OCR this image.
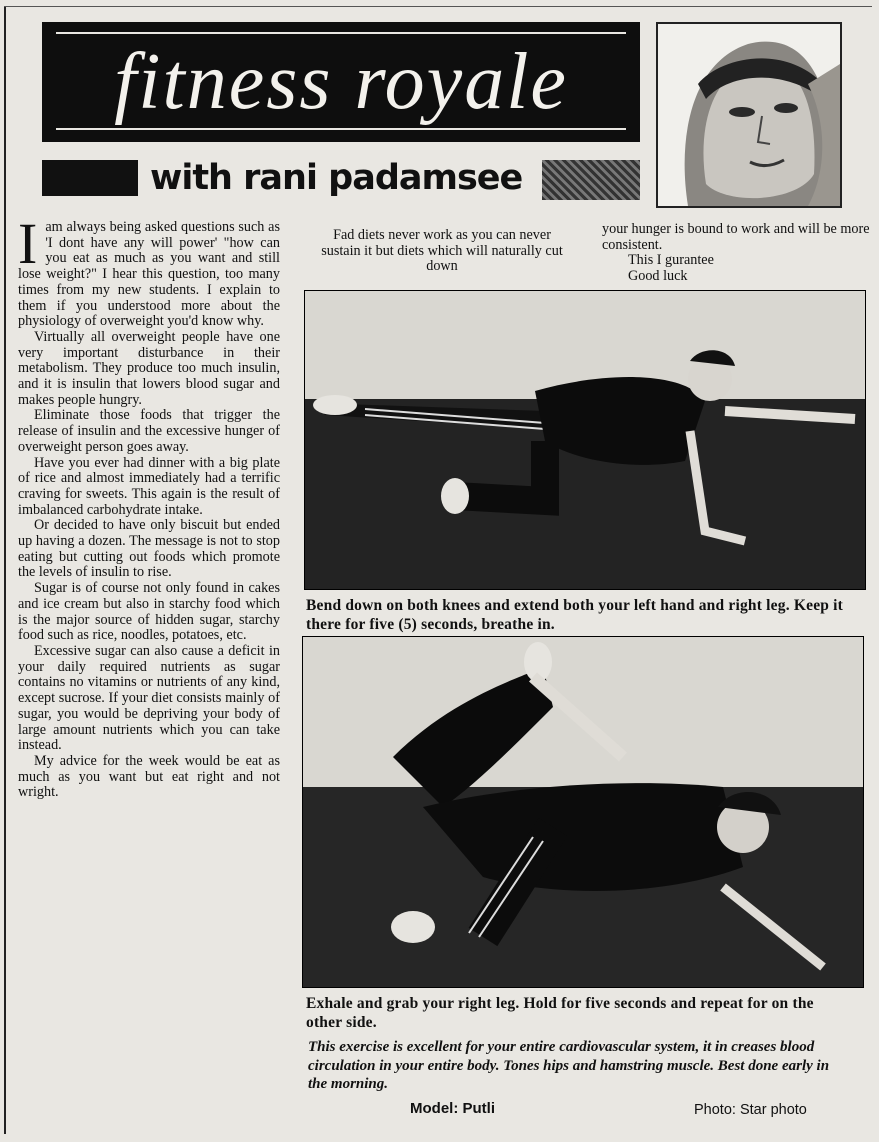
fitness royale
with rani padamsee

Iam always being asked questions such as 'I dont have any will power' "how can you eat as much as you want and still lose weight?" I hear this question, too many times from my new students. I explain to them if you understood more about the physiology of overweight you'd know why.

Virtually all overweight people have one very important disturbance in their metabolism. They produce too much insulin, and it is insulin that lowers blood sugar and makes people hungry.

Eliminate those foods that trigger the release of insulin and the excessive hunger of overweight person goes away.

Have you ever had dinner with a big plate of rice and almost immediately had a terrific craving for sweets. This again is the result of imbalanced carbohydrate intake.

Or decided to have only biscuit but ended up having a dozen. The message is not to stop eating but cutting out foods which promote the levels of insulin to rise.

Sugar is of course not only found in cakes and ice cream but also in starchy food which is the major source of hidden sugar, starchy food such as rice, noodles, potatoes, etc.

Excessive sugar can also cause a deficit in your daily required nutrients as sugar contains no vitamins or nutrients of any kind, except sucrose. If your diet consists mainly of sugar, you would be depriving your body of large amount nutrients which you can take instead.

My advice for the week would be eat as much as you want but eat right and not wright.

Fad diets never work as you can never sustain it but diets which will naturally cut down
your hunger is bound to work and will be more consistent.
This I gurantee
Good luck
Bend down on both knees and extend both your left hand and right leg. Keep it there for five (5) seconds, breathe in.
Exhale and grab your right leg. Hold for five seconds and repeat for on the other side.
This exercise is excellent for your entire cardiovascular system, it in creases blood circulation in your entire body. Tones hips and hamstring muscle. Best done early in the morning.
Model: Putli	Photo: Star photo
